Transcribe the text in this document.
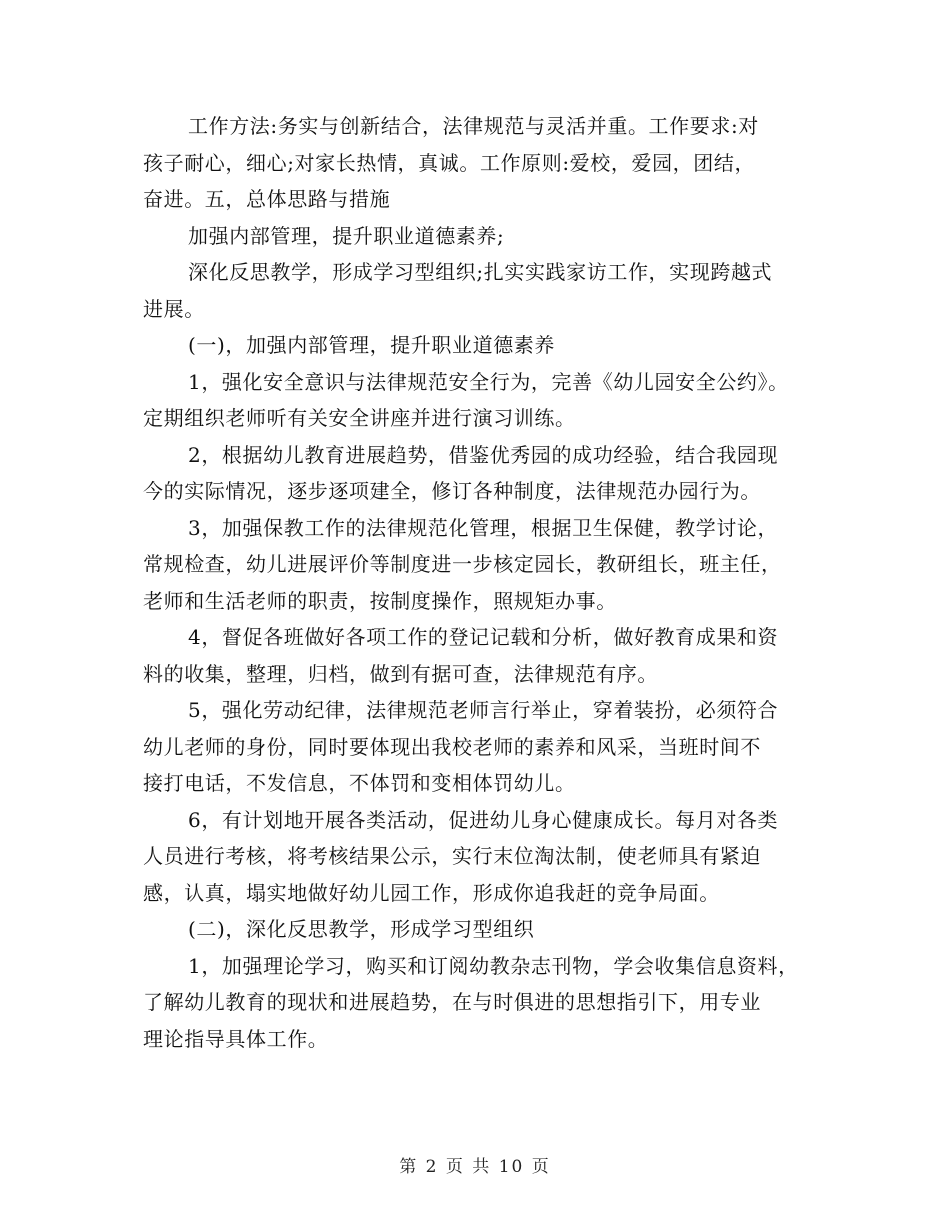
工作方法:务实与创新结合，法律规范与灵活并重。工作要求:对
孩子耐心，细心;对家长热情，真诚。工作原则:爱校，爱园，团结，
奋进。五，总体思路与措施
加强内部管理，提升职业道德素养;
深化反思教学，形成学习型组织;扎实实践家访工作，实现跨越式
进展。
(一)，加强内部管理，提升职业道德素养
1，强化安全意识与法律规范安全行为，完善《幼儿园安全公约》。
定期组织老师听有关安全讲座并进行演习训练。
2，根据幼儿教育进展趋势，借鉴优秀园的成功经验，结合我园现
今的实际情况，逐步逐项建全，修订各种制度，法律规范办园行为。
3，加强保教工作的法律规范化管理，根据卫生保健，教学讨论，
常规检查，幼儿进展评价等制度进一步核定园长，教研组长，班主任，
老师和生活老师的职责，按制度操作，照规矩办事。
4，督促各班做好各项工作的登记记载和分析，做好教育成果和资
料的收集，整理，归档，做到有据可查，法律规范有序。
5，强化劳动纪律，法律规范老师言行举止，穿着装扮，必须符合
幼儿老师的身份，同时要体现出我校老师的素养和风采，当班时间不
接打电话，不发信息，不体罚和变相体罚幼儿。
6，有计划地开展各类活动，促进幼儿身心健康成长。每月对各类
人员进行考核，将考核结果公示，实行末位淘汰制，使老师具有紧迫
感，认真，塌实地做好幼儿园工作，形成你追我赶的竞争局面。
(二)，深化反思教学，形成学习型组织
1，加强理论学习，购买和订阅幼教杂志刊物，学会收集信息资料，
了解幼儿教育的现状和进展趋势，在与时俱进的思想指引下，用专业
理论指导具体工作。
第 2 页 共 10 页
